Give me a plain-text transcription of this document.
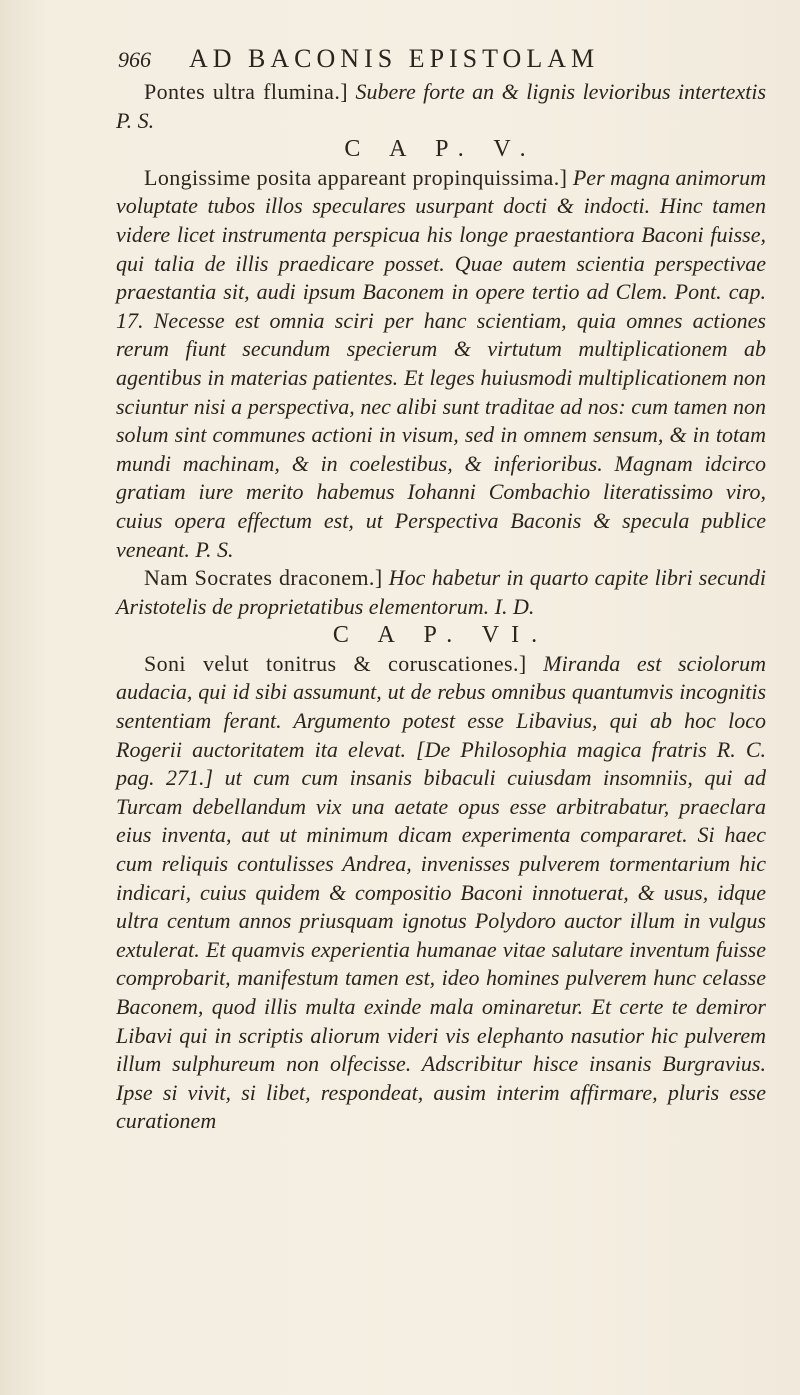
966 AD BACONIS EPISTOLAM

Pontes ultra flumina.] Subere forte an & lignis levioribus intertextis P. S.

C A P. V.

Longissime posita appareant propinquissima.] Per magna animorum voluptate tubos illos speculares usurpant docti & indocti. Hinc tamen videre licet instrumenta perspicua his longe praestantiora Baconi fuisse, qui talia de illis praedicare posset. Quae autem scientia perspectivae praestantia sit, audi ipsum Baconem in opere tertio ad Clem. Pont. cap. 17. Necesse est omnia sciri per hanc scientiam, quia omnes actiones rerum fiunt secundum specierum & virtutum multiplicationem ab agentibus in materias patientes. Et leges huiusmodi multiplicationem non sciuntur nisi a perspectiva, nec alibi sunt traditae ad nos: cum tamen non solum sint communes actioni in visum, sed in omnem sensum, & in totam mundi machinam, & in coelestibus, & inferioribus. Magnam idcirco gratiam iure merito habemus Iohanni Combachio literatissimo viro, cuius opera effectum est, ut Perspectiva Baconis & specula publice veneant. P. S.

Nam Socrates draconem.] Hoc habetur in quarto capite libri secundi Aristotelis de proprietatibus elementorum. I. D.

C A P. VI.

Soni velut tonitrus & coruscationes.] Miranda est sciolorum audacia, qui id sibi assumunt, ut de rebus omnibus quantumvis incognitis sententiam ferant. Argumento potest esse Libavius, qui ab hoc loco Rogerii auctoritatem ita elevat. [De Philosophia magica fratris R. C. pag. 271.] ut cum cum insanis bibaculi cuiusdam insomniis, qui ad Turcam debellandum vix una aetate opus esse arbitrabatur, praeclara eius inventa, aut ut minimum dicam experimenta compararet. Si haec cum reliquis contulisses Andrea, invenisses pulverem tormentarium hic indicari, cuius quidem & compositio Baconi innotuerat, & usus, idque ultra centum annos priusquam ignotus Polydoro auctor illum in vulgus extulerat. Et quamvis experientia humanae vitae salutare inventum fuisse comprobarit, manifestum tamen est, ideo homines pulverem hunc celasse Baconem, quod illis multa exinde mala ominaretur. Et certe te demiror Libavi qui in scriptis aliorum videri vis elephanto nasutior hic pulverem illum sulphureum non olfecisse. Adscribitur hisce insanis Burgravius. Ipse si vivit, si libet, respondeat, ausim interim affirmare, pluris esse curationem
